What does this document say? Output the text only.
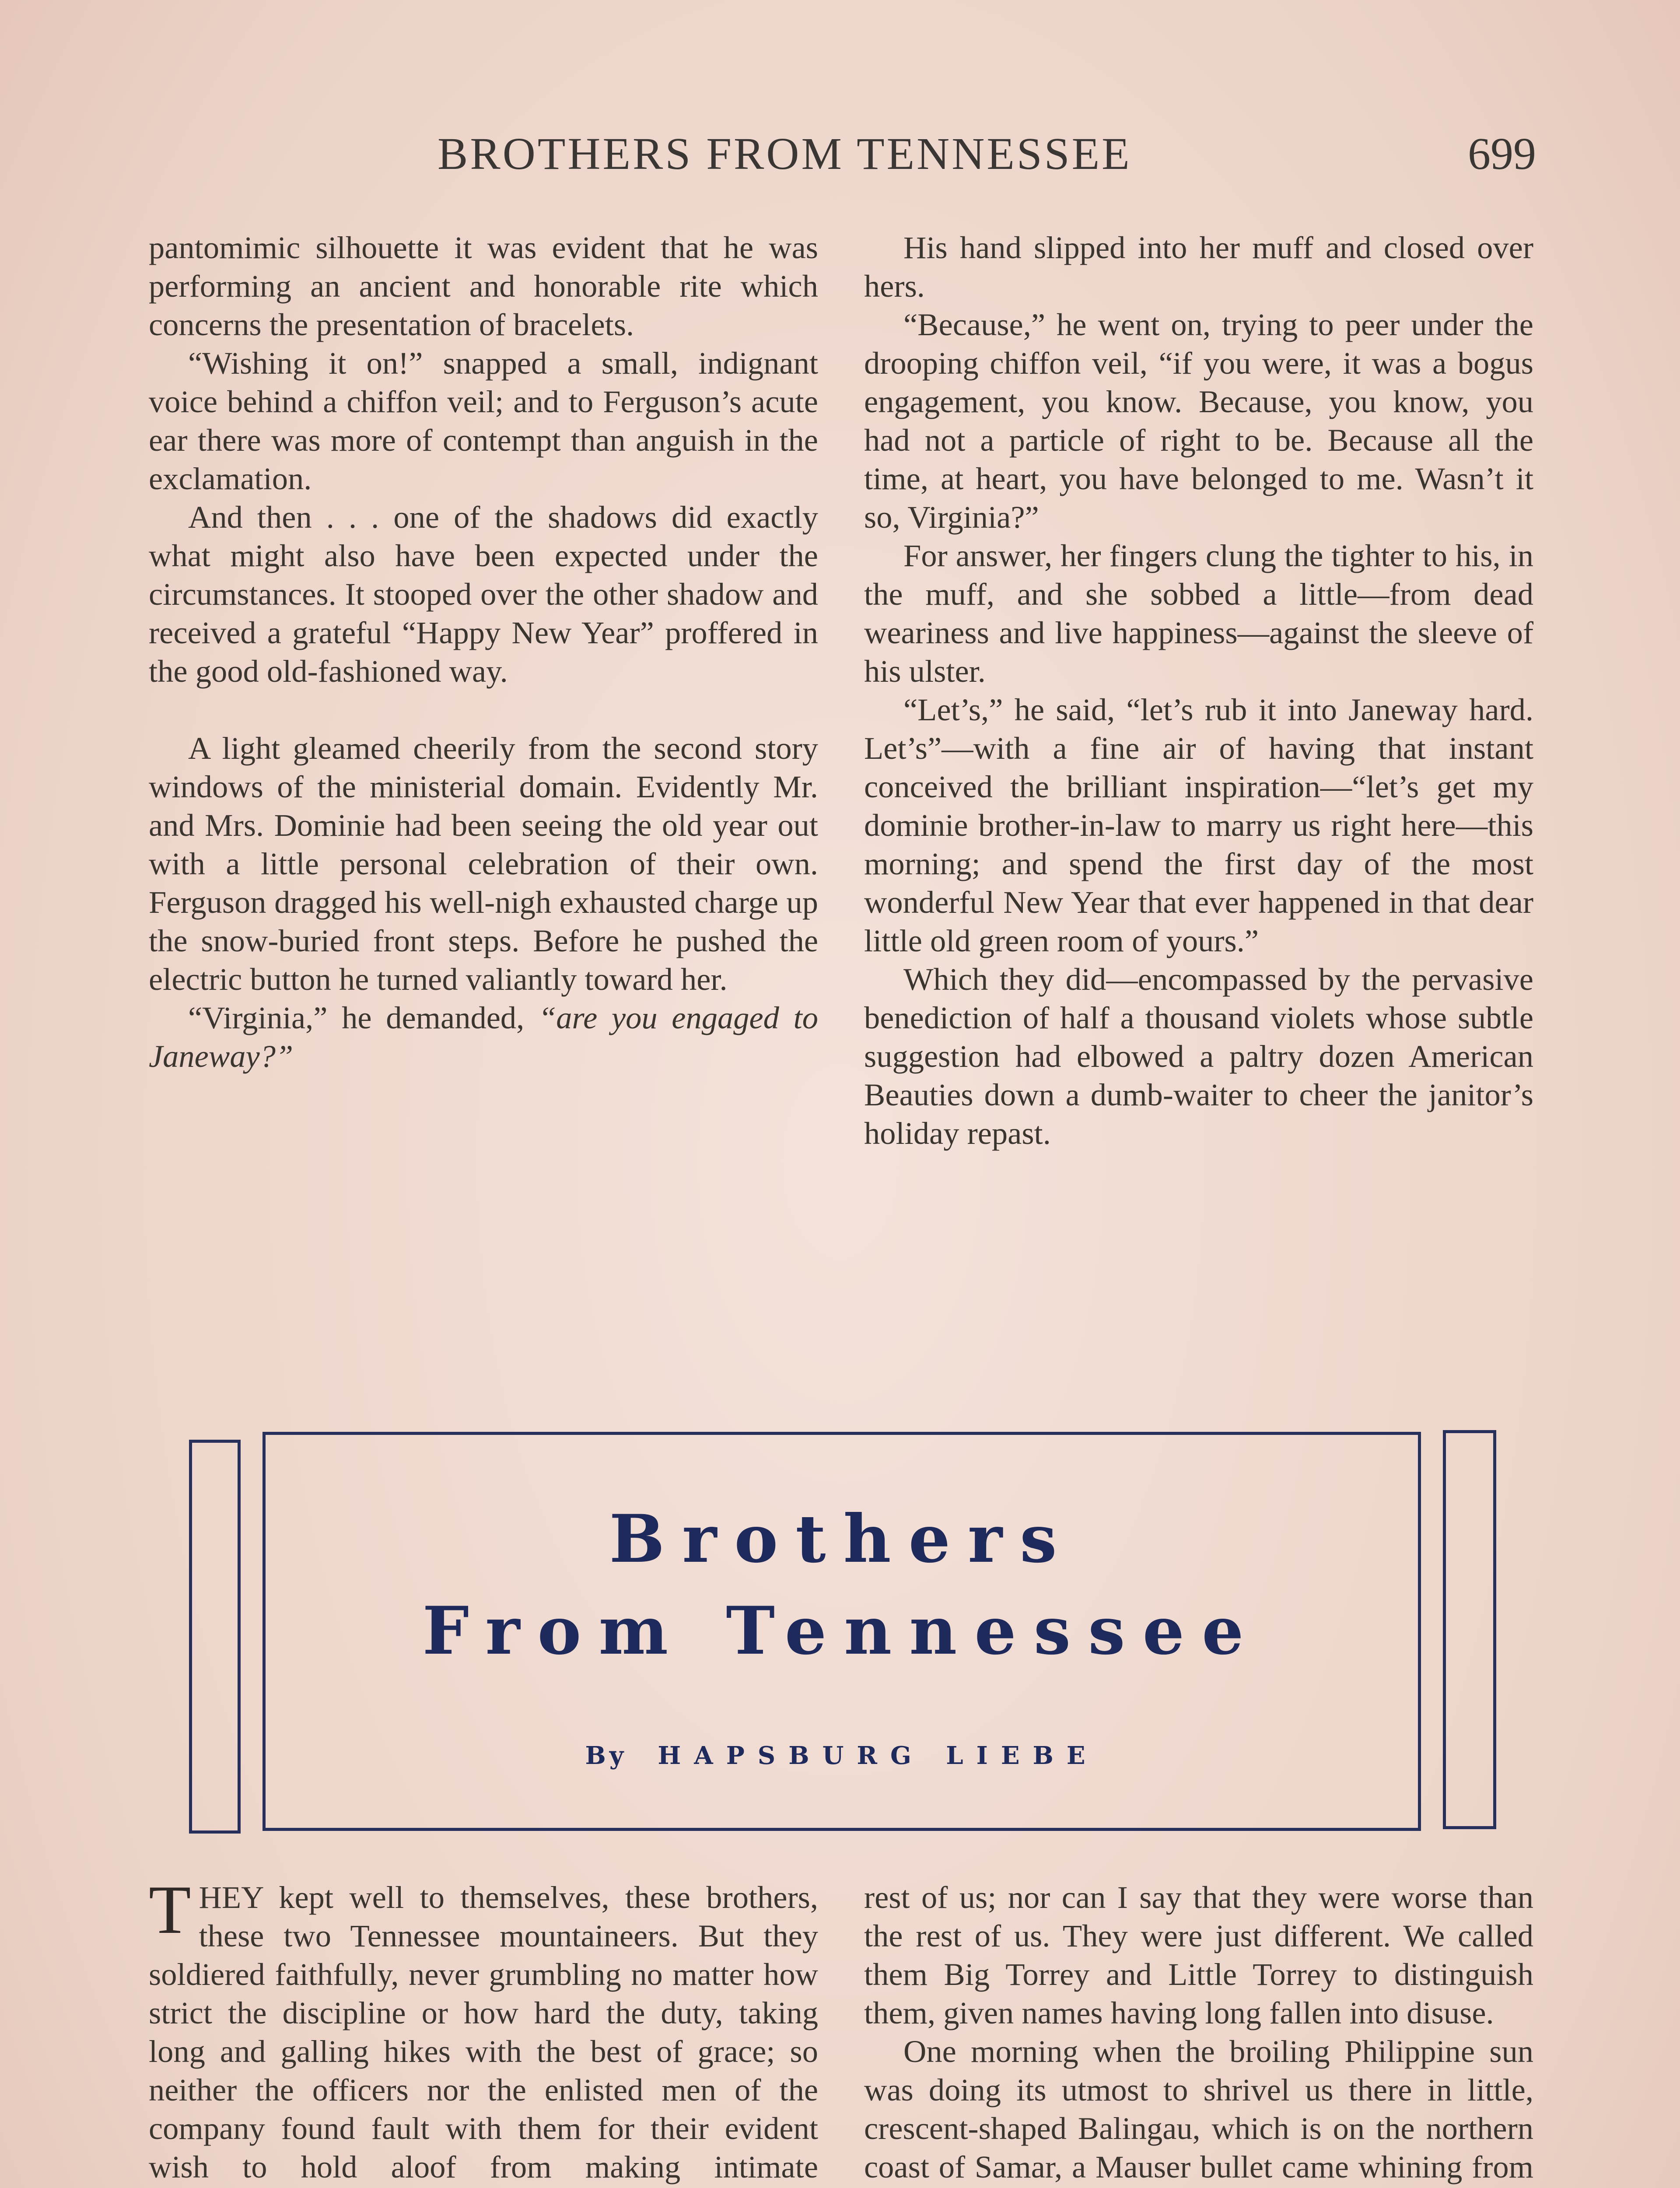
BROTHERS FROM TENNESSEE	699

pantomimic silhouette it was evident that he was performing an ancient and honorable rite which concerns the presentation of bracelets.

“Wishing it on!” snapped a small, indignant voice behind a chiffon veil; and to Ferguson’s acute ear there was more of contempt than anguish in the exclamation.

And then . . . one of the shadows did exactly what might also have been expected under the circumstances. It stooped over the other shadow and received a grateful “Happy New Year” proffered in the good old-fashioned way.

A light gleamed cheerily from the second story windows of the ministerial domain. Evidently Mr. and Mrs. Dominie had been seeing the old year out with a little personal celebration of their own. Ferguson dragged his well-nigh exhausted charge up the snow-buried front steps. Before he pushed the electric button he turned valiantly toward her.

“Virginia,” he demanded, “are you engaged to Janeway?”

His hand slipped into her muff and closed over hers.

“Because,” he went on, trying to peer under the drooping chiffon veil, “if you were, it was a bogus engagement, you know. Because, you know, you had not a particle of right to be. Because all the time, at heart, you have belonged to me. Wasn’t it so, Virginia?”

For answer, her fingers clung the tighter to his, in the muff, and she sobbed a little—from dead weariness and live happiness—against the sleeve of his ulster.

“Let’s,” he said, “let’s rub it into Janeway hard. Let’s”—with a fine air of having that instant conceived the brilliant inspiration—“let’s get my dominie brother-in-law to marry us right here—this morning; and spend the first day of the most wonderful New Year that ever happened in that dear little old green room of yours.”

Which they did—encompassed by the pervasive benediction of half a thousand violets whose subtle suggestion had elbowed a paltry dozen American Beauties down a dumb-waiter to cheer the janitor’s holiday repast.

Brothers
From Tennessee
By HAPSBURG LIEBE

THEY kept well to themselves, these brothers, these two Tennessee mountaineers. But they soldiered faithfully, never grumbling no matter how strict the discipline or how hard the duty, taking long and galling hikes with the best of grace; so neither the officers nor the enlisted men of the company found fault with them for their evident wish to hold aloof from making intimate

rest of us; nor can I say that they were worse than the rest of us. They were just different. We called them Big Torrey and Little Torrey to distinguish them, given names having long fallen into disuse.

One morning when the broiling Philippine sun was doing its utmost to shrivel us there in little, crescent-shaped Balingau, which is on the northern coast of Samar, a Mauser bullet came whining from
